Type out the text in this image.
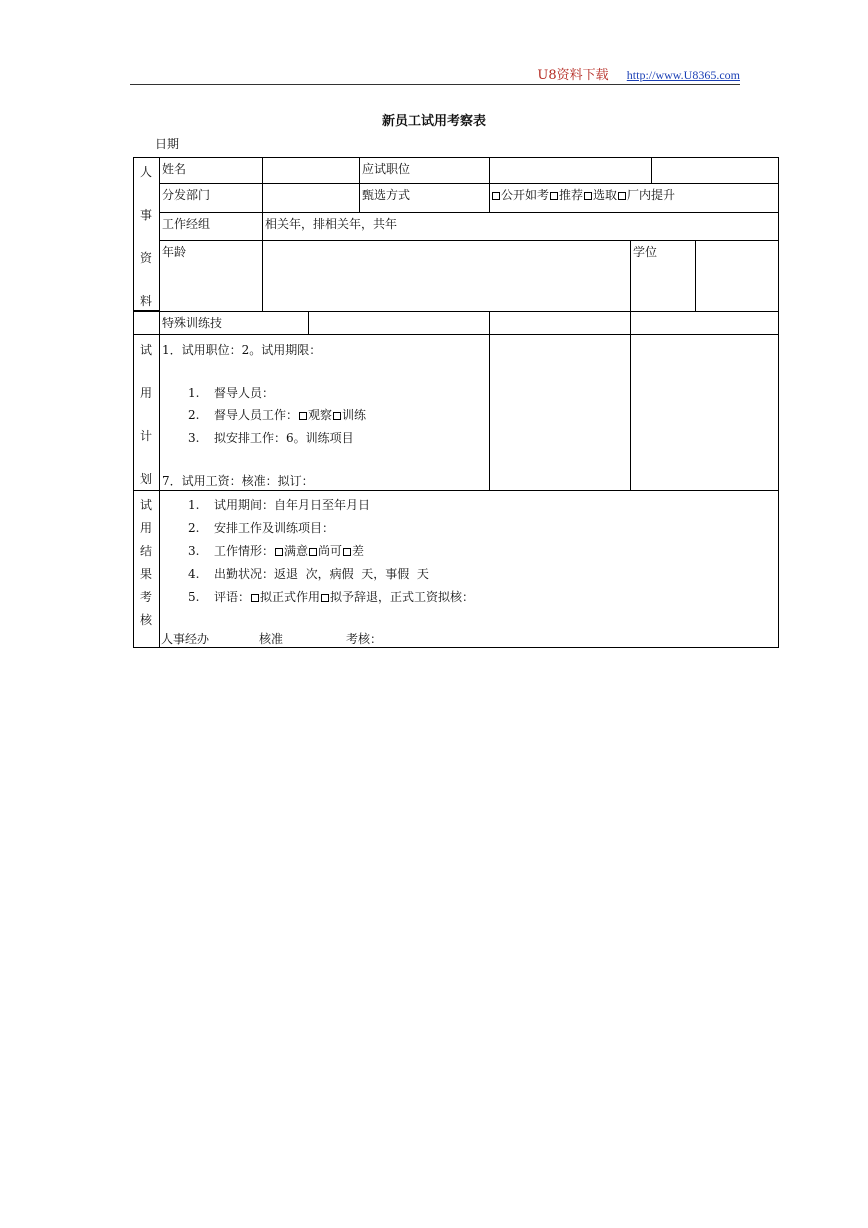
U8资料下载 http://www.U8365.com
新员工试用考察表
日期
人
事
资
料
姓名	应试职位
分发部门	甄选方式	公开如考 推荐 选取 厂内提升
工作经组	相关年，排相关年，共年
年龄	学位
特殊训练技
试
用
计
划
1．试用职位：2。试用期限：
1. 督导人员：
2. 督导人员工作： 观察 训练
3. 拟安排工作：6。训练项目
7．试用工资：核准：拟订：
试
用
结
果
考
核
1. 试用期间：自年月日至年月日
2. 安排工作及训练项目：
3. 工作情形： 满意 尚可 差
4. 出勤状况：返退  次，病假  天，事假  天
5. 评语： 拟正式作用 拟予辞退，正式工资拟核：
人事经办	核准	考核：
